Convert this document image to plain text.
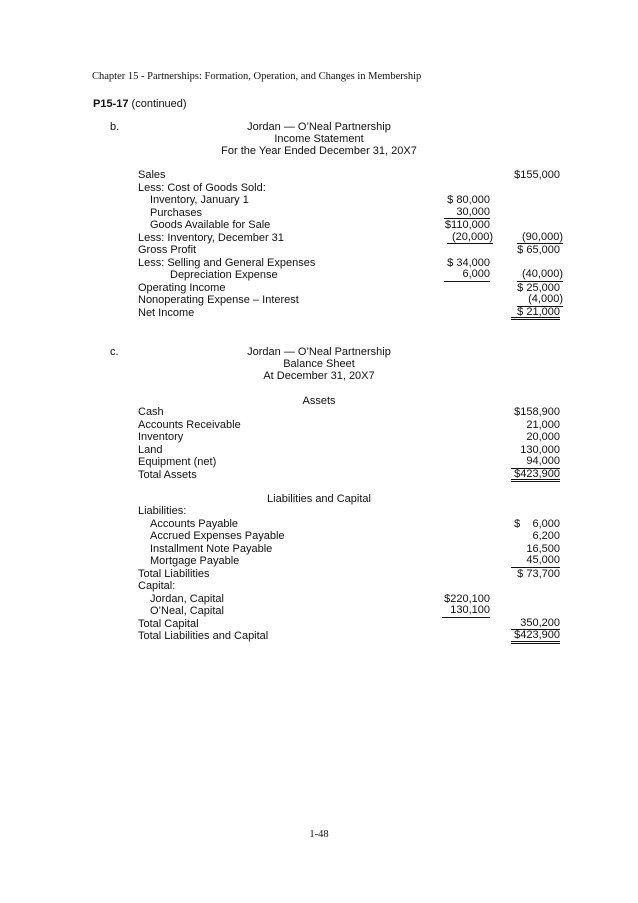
Chapter 15 - Partnerships: Formation, Operation, and Changes in Membership
P15-17 (continued)
b.	Jordan — O’Neal Partnership
Income Statement
For the Year Ended December 31, 20X7
Sales	$155,000
Less: Cost of Goods Sold:
Inventory, January 1	$ 80,000
Purchases	30,000
Goods Available for Sale	$110,000
Less: Inventory, December 31	(20,000)	(90,000)
Gross Profit	$ 65,000
Less: Selling and General Expenses	$ 34,000
Depreciation Expense	6,000	(40,000)
Operating Income	$ 25,000
Nonoperating Expense – Interest	(4,000)
Net Income	$ 21,000
c.	Jordan — O’Neal Partnership
Balance Sheet
At December 31, 20X7
Assets
Cash	$158,900
Accounts Receivable	21,000
Inventory	20,000
Land	130,000
Equipment (net)	94,000
Total Assets	$423,900
Liabilities and Capital
Liabilities:
Accounts Payable	$    6,000
Accrued Expenses Payable	6,200
Installment Note Payable	16,500
Mortgage Payable	45,000
Total Liabilities	$ 73,700
Capital:
Jordan, Capital	$220,100
O’Neal, Capital	130,100
Total Capital	350,200
Total Liabilities and Capital	$423,900
1-48
